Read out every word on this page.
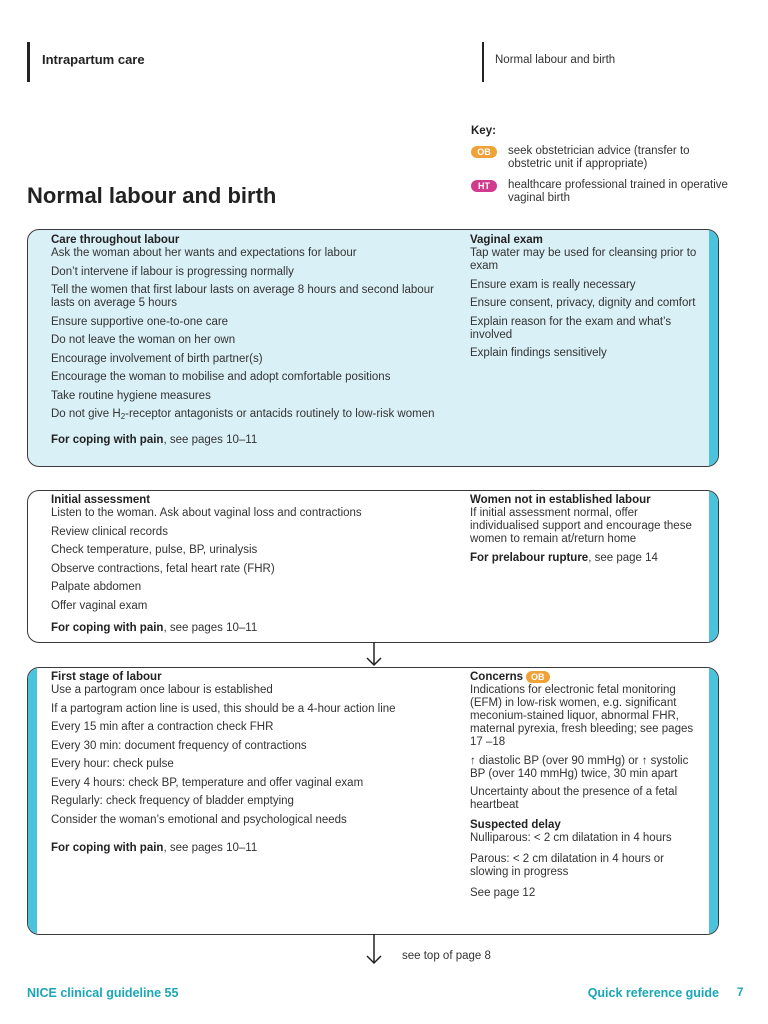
Intrapartum care	Normal labour and birth
Key:
OB	seek obstetrician advice (transfer to obstetric unit if appropriate)
HT	healthcare professional trained in operative vaginal birth
Normal labour and birth
Care throughout labour

Ask the woman about her wants and expectations for labour

Don’t intervene if labour is progressing normally

Tell the women that first labour lasts on average 8 hours and second labour lasts on average 5 hours

Ensure supportive one-to-one care

Do not leave the woman on her own

Encourage involvement of birth partner(s)

Encourage the woman to mobilise and adopt comfortable positions

Take routine hygiene measures

Do not give $H_2$-receptor antagonists or antacids routinely to low-risk women

For coping with pain, see pages 10–11

Vaginal exam

Tap water may be used for cleansing prior to exam

Ensure exam is really necessary

Ensure consent, privacy, dignity and comfort

Explain reason for the exam and what’s involved

Explain findings sensitively

Initial assessment

Listen to the woman. Ask about vaginal loss and contractions

Review clinical records

Check temperature, pulse, BP, urinalysis

Observe contractions, fetal heart rate (FHR)

Palpate abdomen

Offer vaginal exam

For coping with pain, see pages 10–11

Women not in established labour

If initial assessment normal, offer individualised support and encourage these women to remain at/return home

For prelabour rupture, see page 14

First stage of labour

Use a partogram once labour is established

If a partogram action line is used, this should be a 4-hour action line

Every 15 min after a contraction check FHR

Every 30 min: document frequency of contractions

Every hour: check pulse

Every 4 hours: check BP, temperature and offer vaginal exam

Regularly: check frequency of bladder emptying

Consider the woman’s emotional and psychological needs

For coping with pain, see pages 10–11

Concerns OB

Indications for electronic fetal monitoring (EFM) in low-risk women, e.g. significant meconium-stained liquor, abnormal FHR, maternal pyrexia, fresh bleeding; see pages 17 –18

↑ diastolic BP (over 90 mmHg) or ↑ systolic BP (over 140 mmHg) twice, 30 min apart

Uncertainty about the presence of a fetal heartbeat

Suspected delay

Nulliparous: < 2 cm dilatation in 4 hours

Parous: < 2 cm dilatation in 4 hours or slowing in progress

See page 12

see top of page 8
NICE clinical guideline 55	Quick reference guide 7
